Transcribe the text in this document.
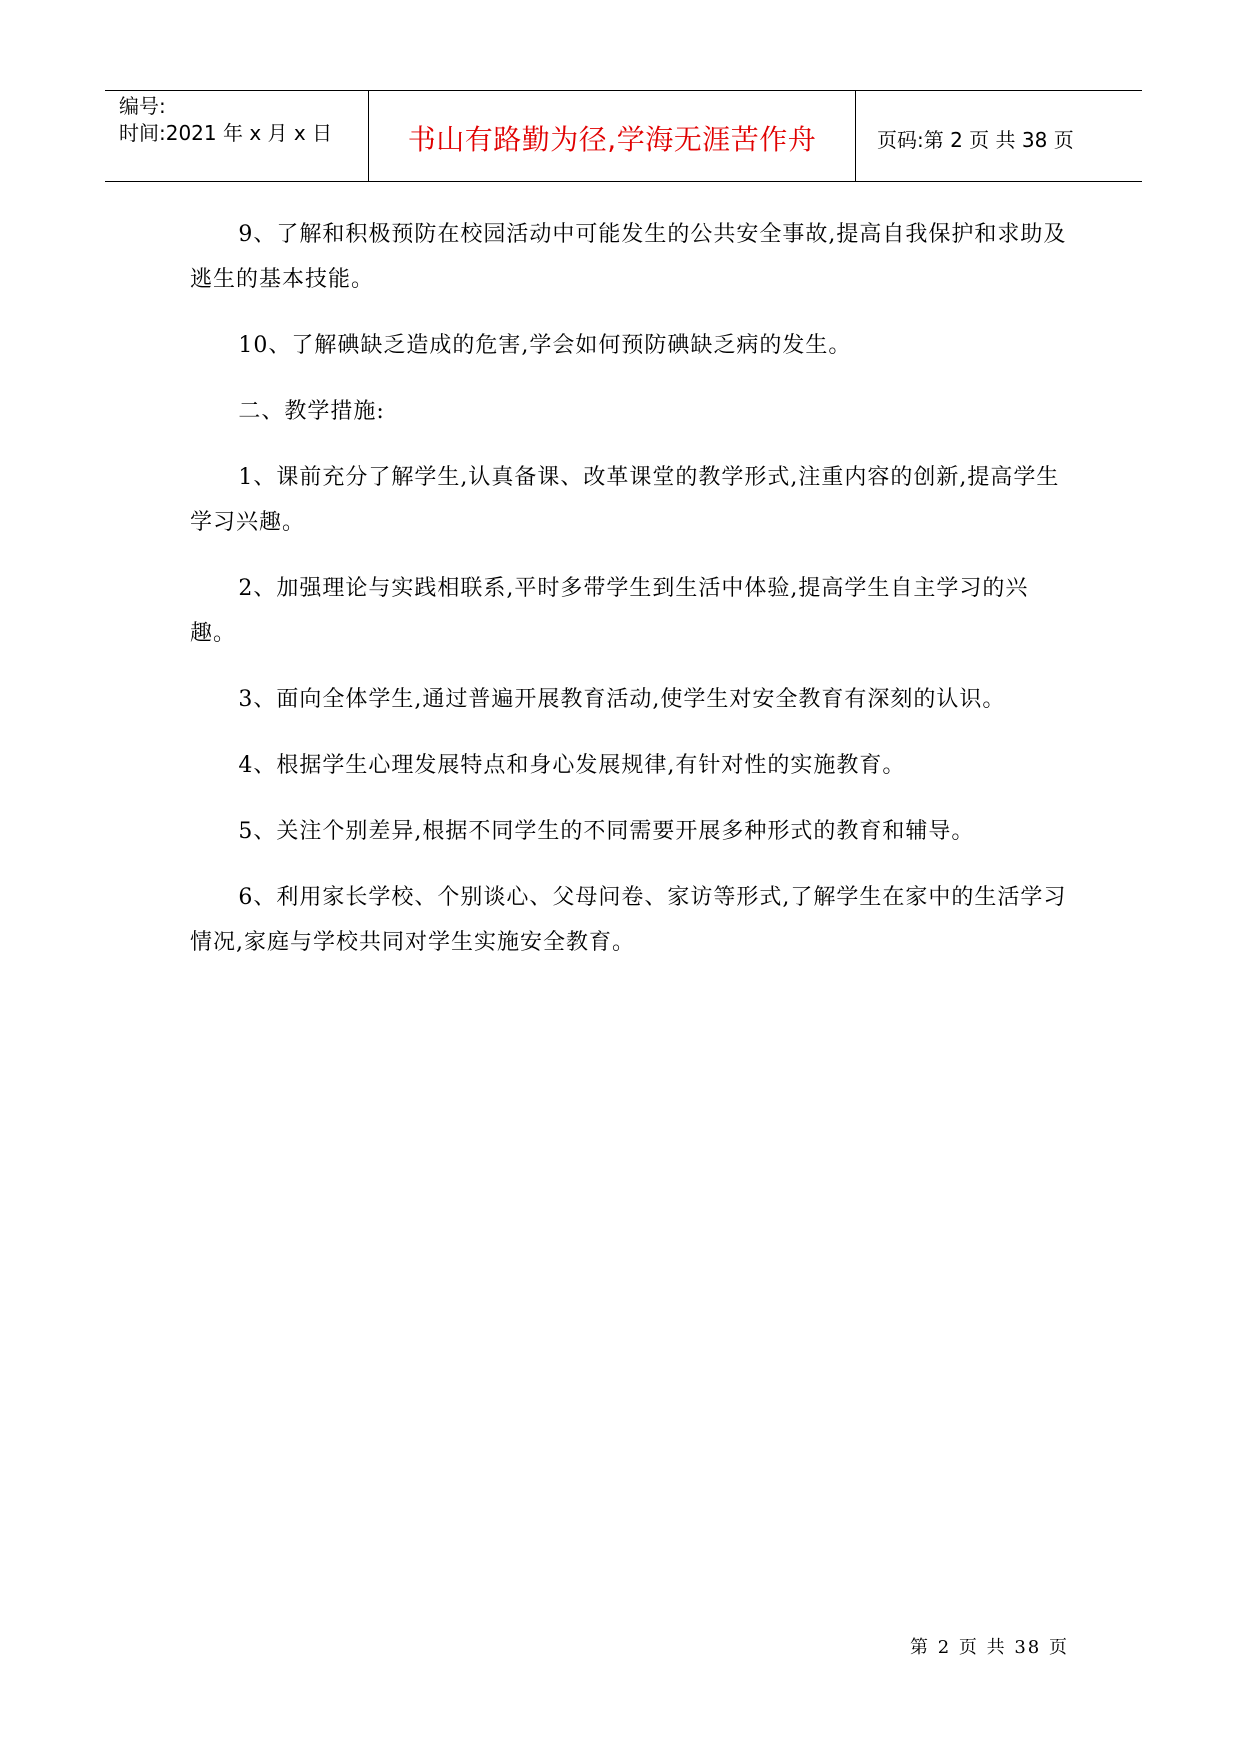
编号:
时间:2021 年 x 月 x 日	书山有路勤为径,学海无涯苦作舟	页码:第 2 页 共 38 页

9、了解和积极预防在校园活动中可能发生的公共安全事故,提高自我保护和求助及逃生的基本技能。

10、了解碘缺乏造成的危害,学会如何预防碘缺乏病的发生。

二、教学措施:

1、课前充分了解学生,认真备课、改革课堂的教学形式,注重内容的创新,提高学生学习兴趣。

2、加强理论与实践相联系,平时多带学生到生活中体验,提高学生自主学习的兴趣。

3、面向全体学生,通过普遍开展教育活动,使学生对安全教育有深刻的认识。

4、根据学生心理发展特点和身心发展规律,有针对性的实施教育。

5、关注个别差异,根据不同学生的不同需要开展多种形式的教育和辅导。

6、利用家长学校、个别谈心、父母问卷、家访等形式,了解学生在家中的生活学习情况,家庭与学校共同对学生实施安全教育。

第 2 页 共 38 页
